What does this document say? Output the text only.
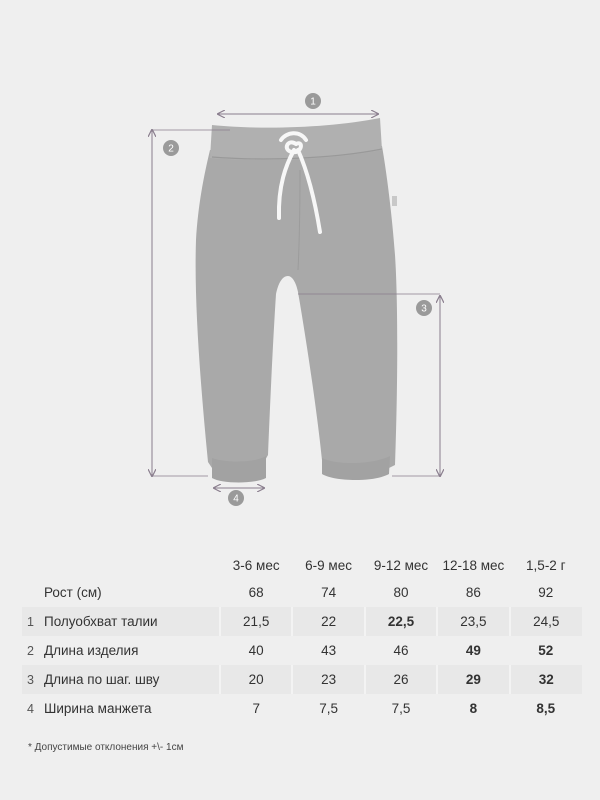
1
2
3
4
		3-6 мес	6-9 мес	9-12 мес	12-18 мес	1,5-2 г
	Рост (см)	68	74	80	86	92
1	Полуобхват талии	21,5	22	22,5	23,5	24,5
2	Длина изделия	40	43	46	49	52
3	Длина по шаг. шву	20	23	26	29	32
4	Ширина манжета	7	7,5	7,5	8	8,5
* Допустимые отклонения +\- 1см
